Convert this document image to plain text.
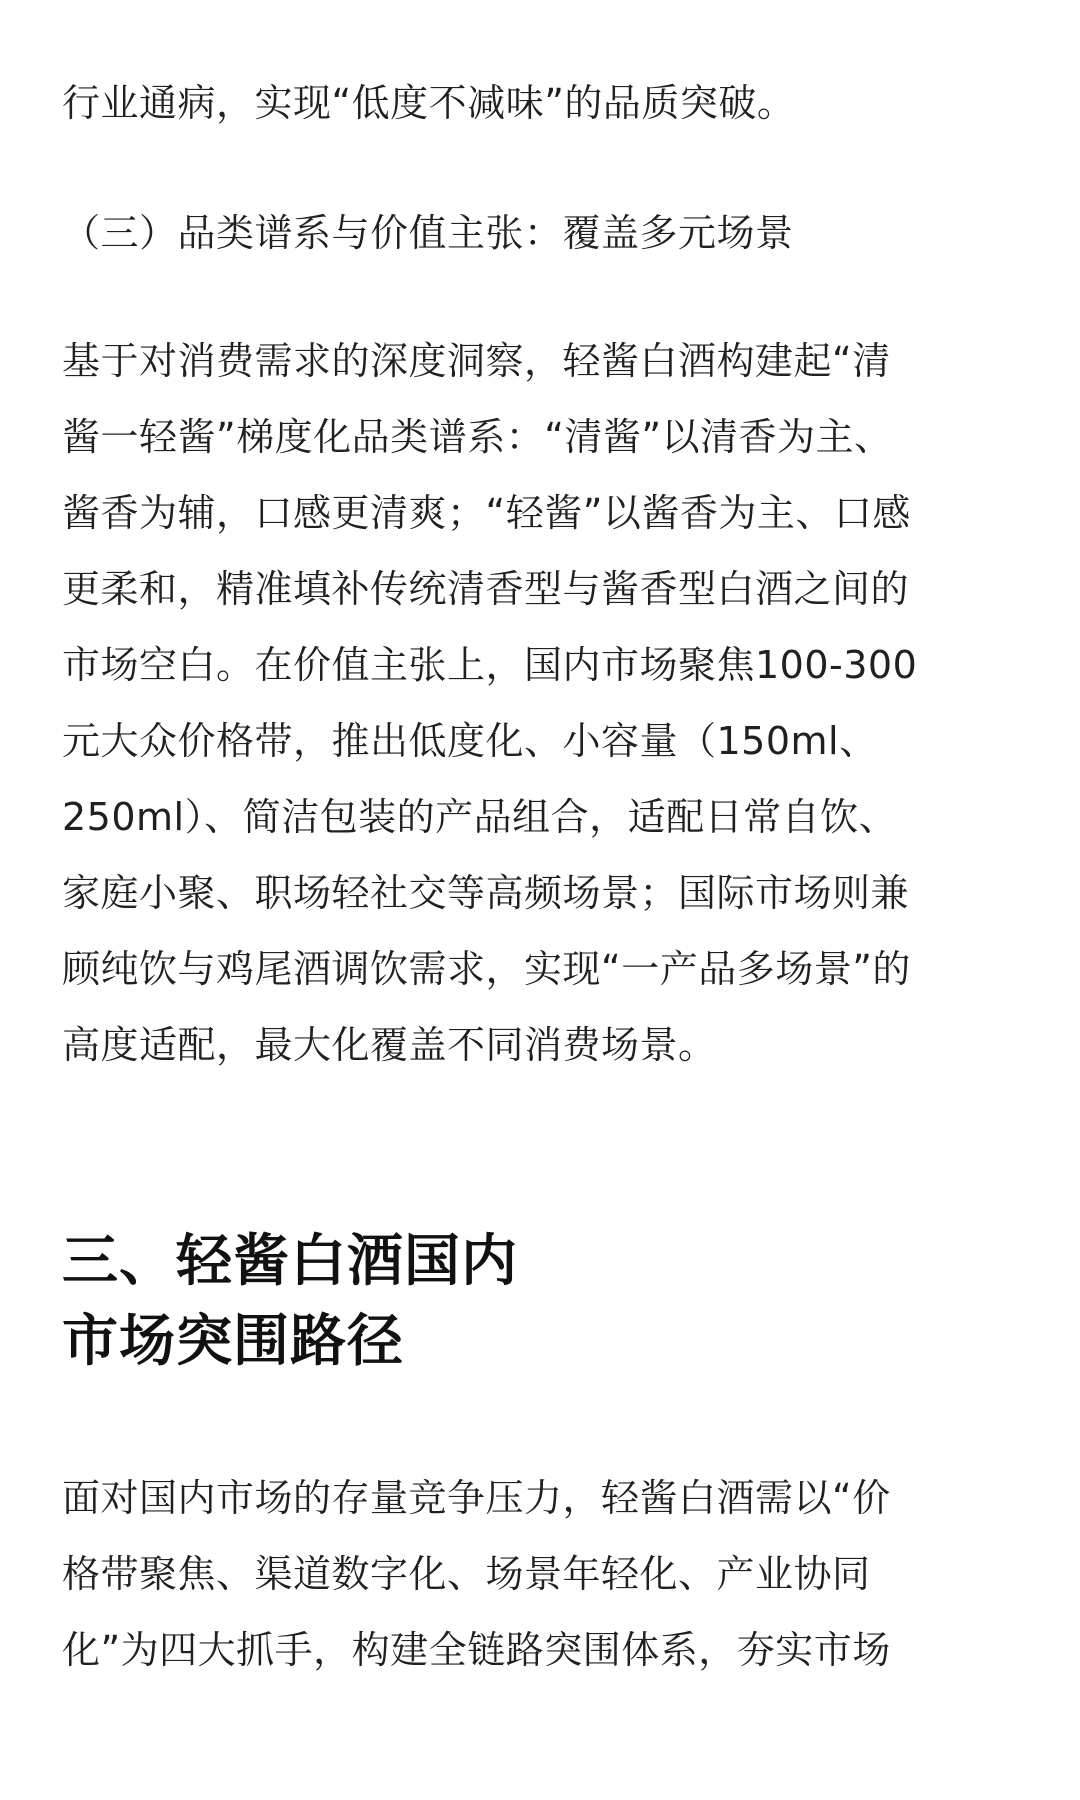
行业通病，实现“低度不减味”的品质突破。
（三）品类谱系与价值主张：覆盖多元场景
基于对消费需求的深度洞察，轻酱白酒构建起“清
酱一轻酱”梯度化品类谱系：“清酱”以清香为主、
酱香为辅，口感更清爽；“轻酱”以酱香为主、口感
更柔和，精准填补传统清香型与酱香型白酒之间的
市场空白。在价值主张上，国内市场聚焦100-300
元大众价格带，推出低度化、小容量（150ml、
250ml）、简洁包装的产品组合，适配日常自饮、
家庭小聚、职场轻社交等高频场景；国际市场则兼
顾纯饮与鸡尾酒调饮需求，实现“一产品多场景”的
高度适配，最大化覆盖不同消费场景。
三、轻酱白酒国内
市场突围路径
面对国内市场的存量竞争压力，轻酱白酒需以“价
格带聚焦、渠道数字化、场景年轻化、产业协同
化”为四大抓手，构建全链路突围体系，夯实市场
